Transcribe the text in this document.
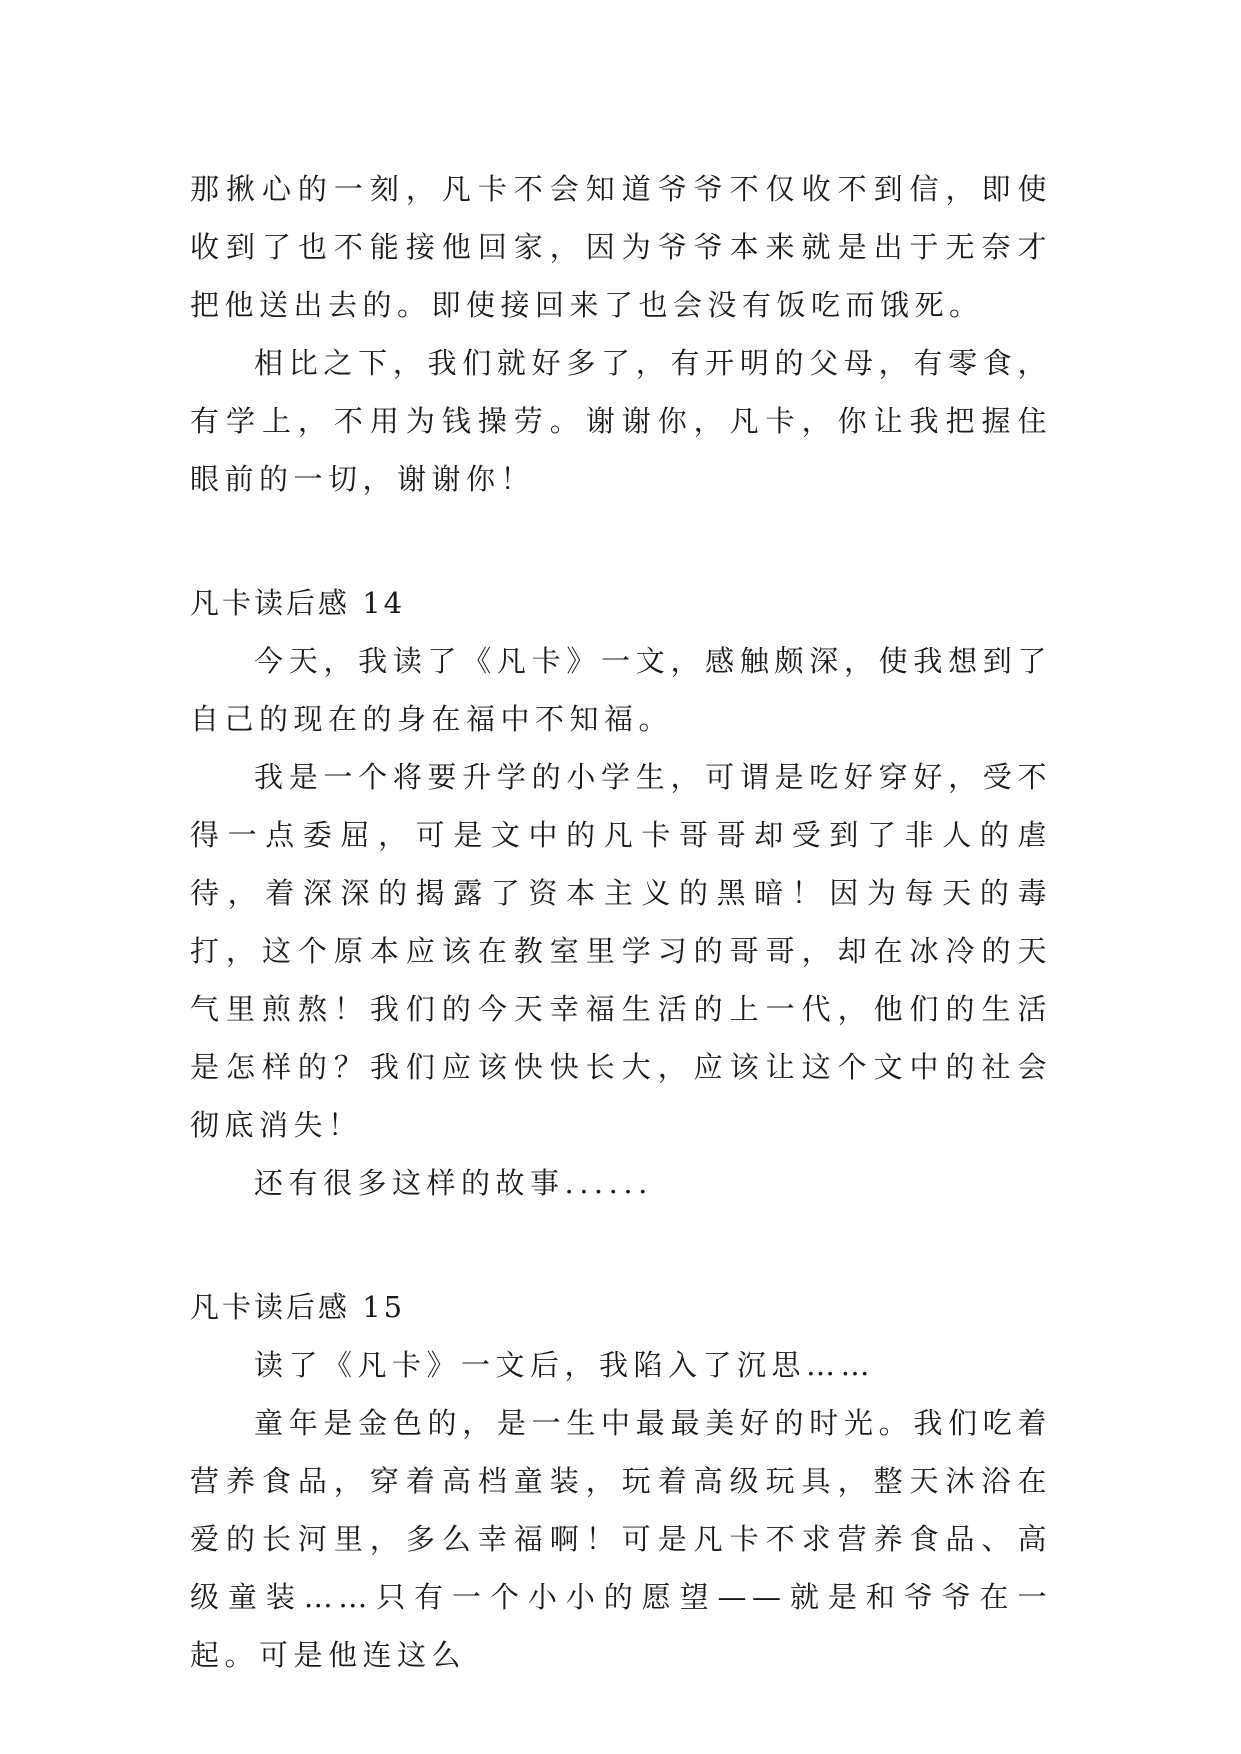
那揪心的一刻，凡卡不会知道爷爷不仅收不到信，即使收到了也不能接他回家，因为爷爷本来就是出于无奈才把他送出去的。即使接回来了也会没有饭吃而饿死。

相比之下，我们就好多了，有开明的父母，有零食，有学上，不用为钱操劳。谢谢你，凡卡，你让我把握住眼前的一切，谢谢你！

凡卡读后感 14

今天，我读了《凡卡》一文，感触颇深，使我想到了自己的现在的身在福中不知福。

我是一个将要升学的小学生，可谓是吃好穿好，受不得一点委屈，可是文中的凡卡哥哥却受到了非人的虐待，着深深的揭露了资本主义的黑暗！因为每天的毒打，这个原本应该在教室里学习的哥哥，却在冰冷的天气里煎熬！我们的今天幸福生活的上一代，他们的生活是怎样的？我们应该快快长大，应该让这个文中的社会彻底消失！

还有很多这样的故事......

凡卡读后感 15

读了《凡卡》一文后，我陷入了沉思……

童年是金色的，是一生中最最美好的时光。我们吃着营养食品，穿着高档童装，玩着高级玩具，整天沐浴在爱的长河里，多么幸福啊！可是凡卡不求营养食品、高级童装……只有一个小小的愿望——就是和爷爷在一起。可是他连这么
